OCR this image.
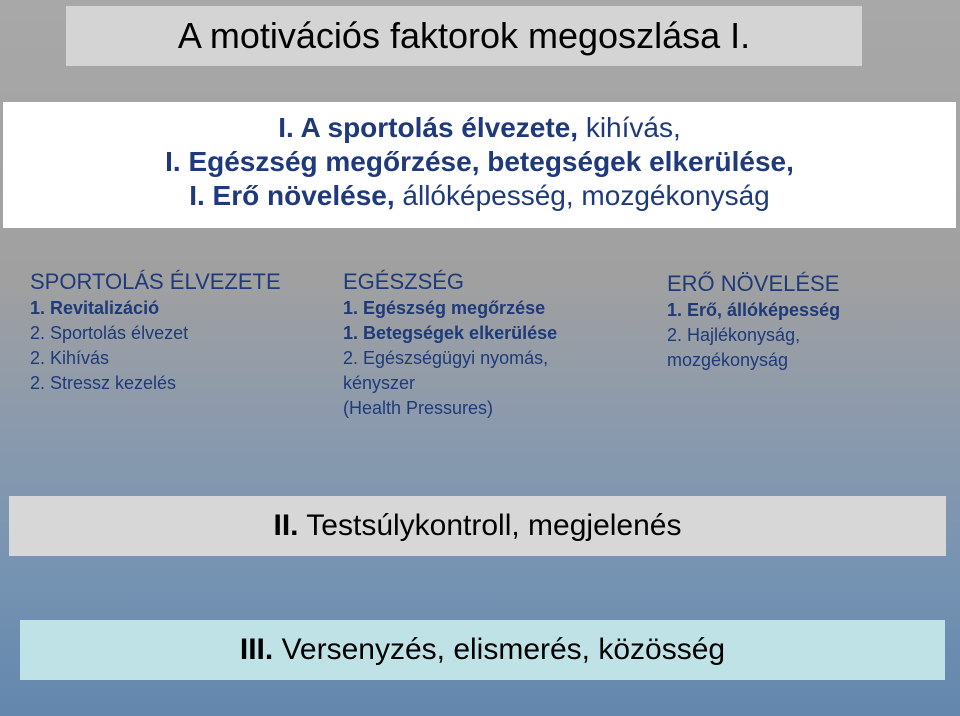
A motivációs faktorok megoszlása I.
I. A sportolás élvezete, kihívás,
I. Egészség megőrzése, betegségek elkerülése,
I. Erő növelése, állóképesség, mozgékonyság
SPORTOLÁS ÉLVEZETE
1. Revitalizáció
2. Sportolás élvezet
2. Kihívás
2. Stressz kezelés
EGÉSZSÉG
1. Egészség megőrzése
1. Betegségek elkerülése
2. Egészségügyi nyomás,
kényszer
(Health Pressures)
ERŐ NÖVELÉSE
1. Erő, állóképesség
2. Hajlékonyság,
mozgékonyság
II. Testsúlykontroll, megjelenés
III. Versenyzés, elismerés, közösség
